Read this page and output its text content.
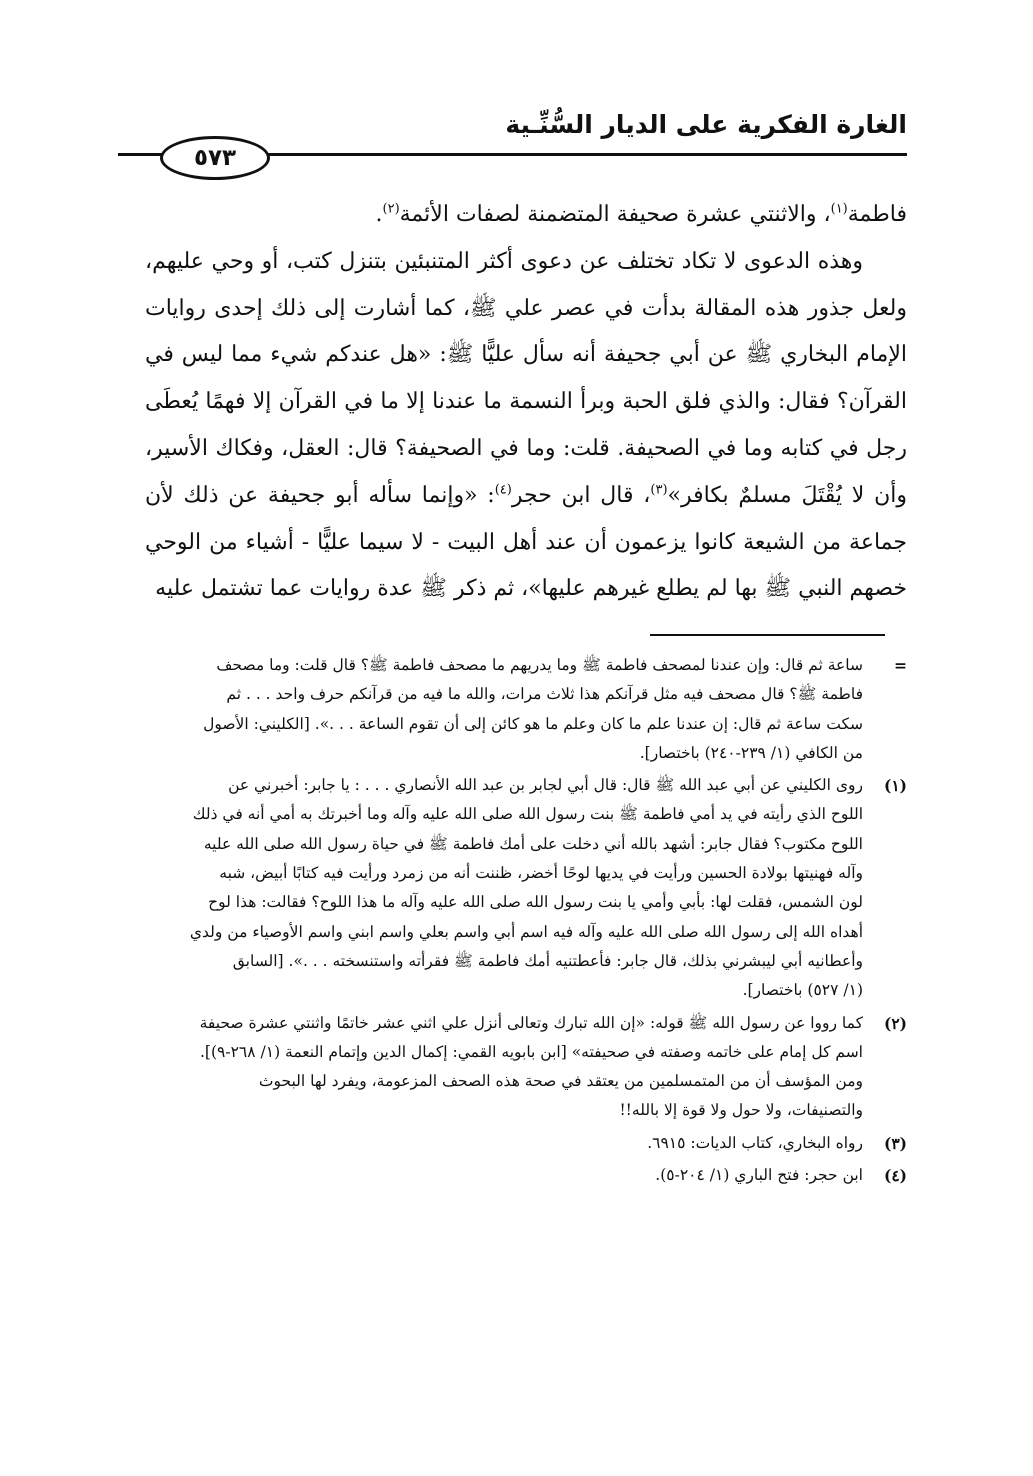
الغارة الفكرية على الديار السُّنِّـية
٥٧٣

فاطمة$^{(١)}$، والاثنتي عشرة صحيفة المتضمنة لصفات الأئمة$^{(٢)}$.

وهذه الدعوى لا تكاد تختلف عن دعوى أكثر المتنبئين بتنزل كتب، أو وحي عليهم، ولعل جذور هذه المقالة بدأت في عصر علي ﷺ، كما أشارت إلى ذلك إحدى روايات الإمام البخاري ﷺ عن أبي جحيفة أنه سأل عليًّا ﷺ: «هل عندكم شيء مما ليس في القرآن؟ فقال: والذي فلق الحبة وبرأ النسمة ما عندنا إلا ما في القرآن إلا فهمًا يُعطَى رجل في كتابه وما في الصحيفة. قلت: وما في الصحيفة؟ قال: العقل، وفكاك الأسير، وأن لا يُقْتَلَ مسلمٌ بكافر»$^{(٣)}$، قال ابن حجر$^{(٤)}$: «وإنما سأله أبو جحيفة عن ذلك لأن جماعة من الشيعة كانوا يزعمون أن عند أهل البيت - لا سيما عليًّا - أشياء من الوحي خصهم النبي ﷺ بها لم يطلع غيرهم عليها»، ثم ذكر ﷺ عدة روايات عما تشتمل عليه

=
ساعة ثم قال: وإن عندنا لمصحف فاطمة ﷺ وما يدريهم ما مصحف فاطمة ﷺ؟ قال قلت: وما مصحف
فاطمة ﷺ؟ قال مصحف فيه مثل قرآنكم هذا ثلاث مرات، والله ما فيه من قرآنكم حرف واحد . . . ثم
سكت ساعة ثم قال: إن عندنا علم ما كان وعلم ما هو كائن إلى أن تقوم الساعة . . .». [الكليني: الأصول
من الكافي (١/ ٢٣٩-٢٤٠) باختصار].
(١)
روى الكليني عن أبي عبد الله ﷺ قال: قال أبي لجابر بن عبد الله الأنصاري . . . : يا جابر: أخبرني عن
اللوح الذي رأيته في يد أمي فاطمة ﷺ بنت رسول الله صلى الله عليه وآله وما أخبرتك به أمي أنه في ذلك
اللوح مكتوب؟ فقال جابر: أشهد بالله أني دخلت على أمك فاطمة ﷺ في حياة رسول الله صلى الله عليه
وآله فهنيتها بولادة الحسين ورأيت في يديها لوحًا أخضر، ظننت أنه من زمرد ورأيت فيه كتابًا أبيض، شبه
لون الشمس، فقلت لها: بأبي وأمي يا بنت رسول الله صلى الله عليه وآله ما هذا اللوح؟ فقالت: هذا لوح
أهداه الله إلى رسول الله صلى الله عليه وآله فيه اسم أبي واسم بعلي واسم ابني واسم الأوصياء من ولدي
وأعطانيه أبي ليبشرني بذلك، قال جابر: فأعطتنيه أمك فاطمة ﷺ فقرأته واستنسخته . . .». [السابق
(١/ ٥٢٧) باختصار].
(٢)
كما رووا عن رسول الله ﷺ قوله: «إن الله تبارك وتعالى أنزل علي اثني عشر خاتمًا واثنتي عشرة صحيفة
اسم كل إمام على خاتمه وصفته في صحيفته» [ابن بابويه القمي: إكمال الدين وإتمام النعمة (١/ ٢٦٨-٩)].
ومن المؤسف أن من المتمسلمين من يعتقد في صحة هذه الصحف المزعومة، ويفرد لها البحوث
والتصنيفات، ولا حول ولا قوة إلا بالله!!
(٣)
رواه البخاري، كتاب الديات: ٦٩١٥.
(٤)
ابن حجر: فتح الباري (١/ ٢٠٤-٥).
